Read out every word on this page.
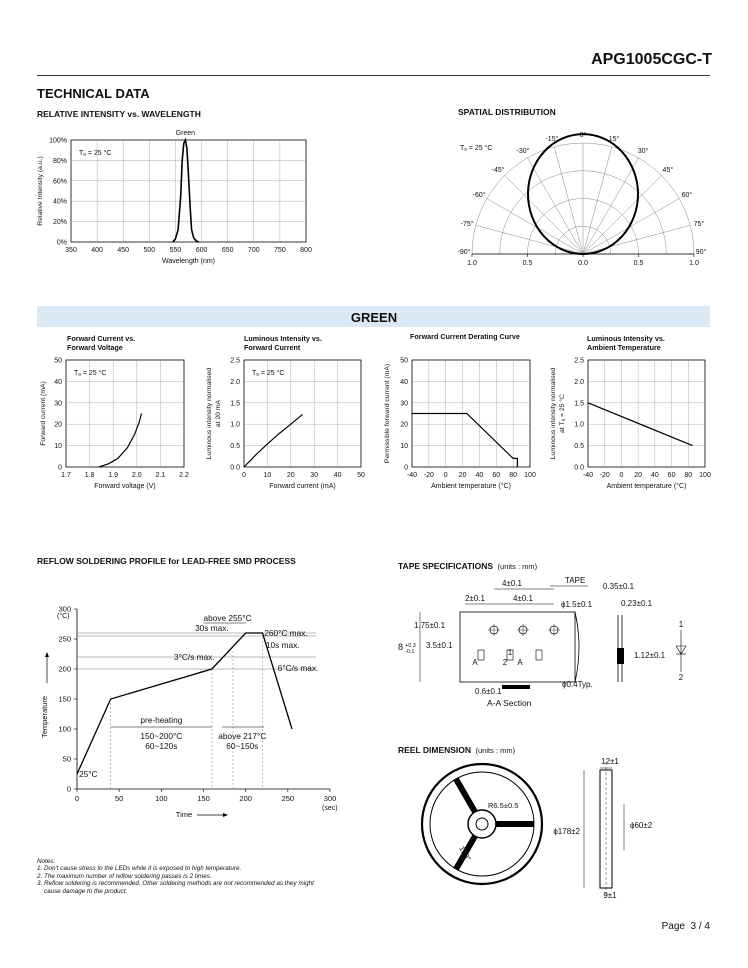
APG1005CGC-T
TECHNICAL DATA
RELATIVE INTENSITY vs. WAVELENGTH
350 400 450 500 550 600 650 700 750 800
0%
20%
40%
60%
80%
100%
Wavelength (nm)
Relative Intensity (a.u.)
Tₐ = 25 °C
Green
SPATIAL DISTRIBUTION
-90°
-75°
-60°
-45°
-30°
-15°
0°
15°
30°
45°
60°
75°
90°
1.0	0.5	0.0	0.5	1.0
Tₐ = 25 °C
GREEN
Forward Current vs.
Forward Voltage
Luminous Intensity vs.
Forward Current
Forward Current Derating Curve	Luminous Intensity vs.
Ambient Temperature
1.7 1.8 1.9 2.0 2.1 2.2
0
10
20
30
40
50
Forward voltage (V)
Forward current (mA)
Tₐ = 25 °C
0	10 20 30 40 50
0.0
0.5
1.0
1.5
2.0
2.5
Forward current (mA)
Luminous intensity normalised at 20 mA
Tₐ = 25 °C
-40 -20 0 20 40 60 80 100
0
10
20
30
40
50
Ambient temperature (°C)
Permissible forward current (mA)
-40 -20 0 20 40 60 80 100
0.0
0.5
1.0
1.5
2.0
2.5
Ambient temperature (°C)
Luminous intensity normalised at Tₐ = 25 °C
REFLOW SOLDERING PROFILE for LEAD-FREE SMD PROCESS
0	50	100	150	200	250	300
0
50
100
150
200
250
300
(°C)
(sec)
Time
Temperature
above 255°C
30s max.	260°C max.
10s max.
3°C/s max.
6°C/s max.
pre-heating
150~200°C
60~120s
above 217°C
60~150s
25°C
TAPE SPECIFICATIONS (units : mm)
4±0.1	TAPE
0.35±0.1
2±0.1	4±0.1
ϕ1.5±0.1	0.23±0.1
1.75±0.1
8 +0.3
-0.1
3.5±0.1
A	2
1
A
0.6±0.1
ϕ0.4Typ.
A-A Section
1.12±0.1
1
2
REEL DIMENSION (units : mm)
R6.5±0.5
120°
12±1
ϕ178±2
ϕ60±2
9±1
Notes:
1. Don't cause stress to the LEDs while it is exposed to high temperature.
2. The maximum number of reflow soldering passes is 2 times.
3. Reflow soldering is recommended. Other soldering methods are not recommended as they might
cause damage to the product.
Page  3 / 4
